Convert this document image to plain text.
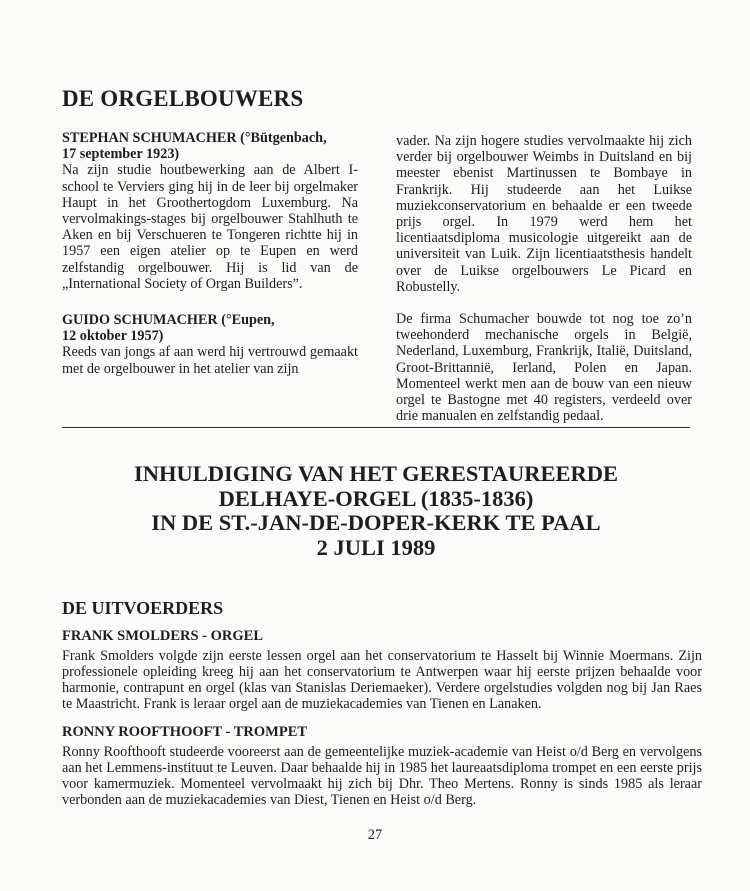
DE ORGELBOUWERS

STEPHAN SCHUMACHER (°Bütgenbach,
17 september 1923)

Na zijn studie houtbewerking aan de Albert I-school te Verviers ging hij in de leer bij orgelmaker Haupt in het Groothertogdom Luxemburg. Na vervolmakings-stages bij orgelbouwer Stahlhuth te Aken en bij Verschueren te Tongeren richtte hij in 1957 een eigen atelier op te Eupen en werd zelfstandig orgelbouwer. Hij is lid van de „International Society of Organ Builders”.

GUIDO SCHUMACHER (°Eupen,
12 oktober 1957)

Reeds van jongs af aan werd hij vertrouwd gemaakt met de orgelbouwer in het atelier van zijn

vader. Na zijn hogere studies vervolmaakte hij zich verder bij orgelbouwer Weimbs in Duitsland en bij meester ebenist Martinussen te Bombaye in Frankrijk. Hij studeerde aan het Luikse muziekconservatorium en behaalde er een tweede prijs orgel. In 1979 werd hem het licentiaatsdiploma musicologie uitgereikt aan de universiteit van Luik. Zijn licentiaatsthesis handelt over de Luikse orgelbouwers Le Picard en Robustelly.

De firma Schumacher bouwde tot nog toe zo’n tweehonderd mechanische orgels in België, Nederland, Luxemburg, Frankrijk, Italië, Duitsland, Groot-Brittannië, Ierland, Polen en Japan. Momenteel werkt men aan de bouw van een nieuw orgel te Bastogne met 40 registers, verdeeld over drie manualen en zelfstandig pedaal.

INHULDIGING VAN HET GERESTAUREERDE
DELHAYE-ORGEL (1835-1836)
IN DE ST.-JAN-DE-DOPER-KERK TE PAAL
2 JULI 1989
DE UITVOERDERS
FRANK SMOLDERS - ORGEL

Frank Smolders volgde zijn eerste lessen orgel aan het conservatorium te Hasselt bij Winnie Moermans. Zijn professionele opleiding kreeg hij aan het conservatorium te Antwerpen waar hij eerste prijzen behaalde voor harmonie, contrapunt en orgel (klas van Stanislas Deriemaeker). Verdere orgelstudies volgden nog bij Jan Raes te Maastricht. Frank is leraar orgel aan de muziekacademies van Tienen en Lanaken.

RONNY ROOFTHOOFT - TROMPET

Ronny Roofthooft studeerde vooreerst aan de gemeentelijke muziek-academie van Heist o/d Berg en vervolgens aan het Lemmens-instituut te Leuven. Daar behaalde hij in 1985 het laureaatsdiploma trompet en een eerste prijs voor kamermuziek. Momenteel vervolmaakt hij zich bij Dhr. Theo Mertens. Ronny is sinds 1985 als leraar verbonden aan de muziekacademies van Diest, Tienen en Heist o/d Berg.

27
